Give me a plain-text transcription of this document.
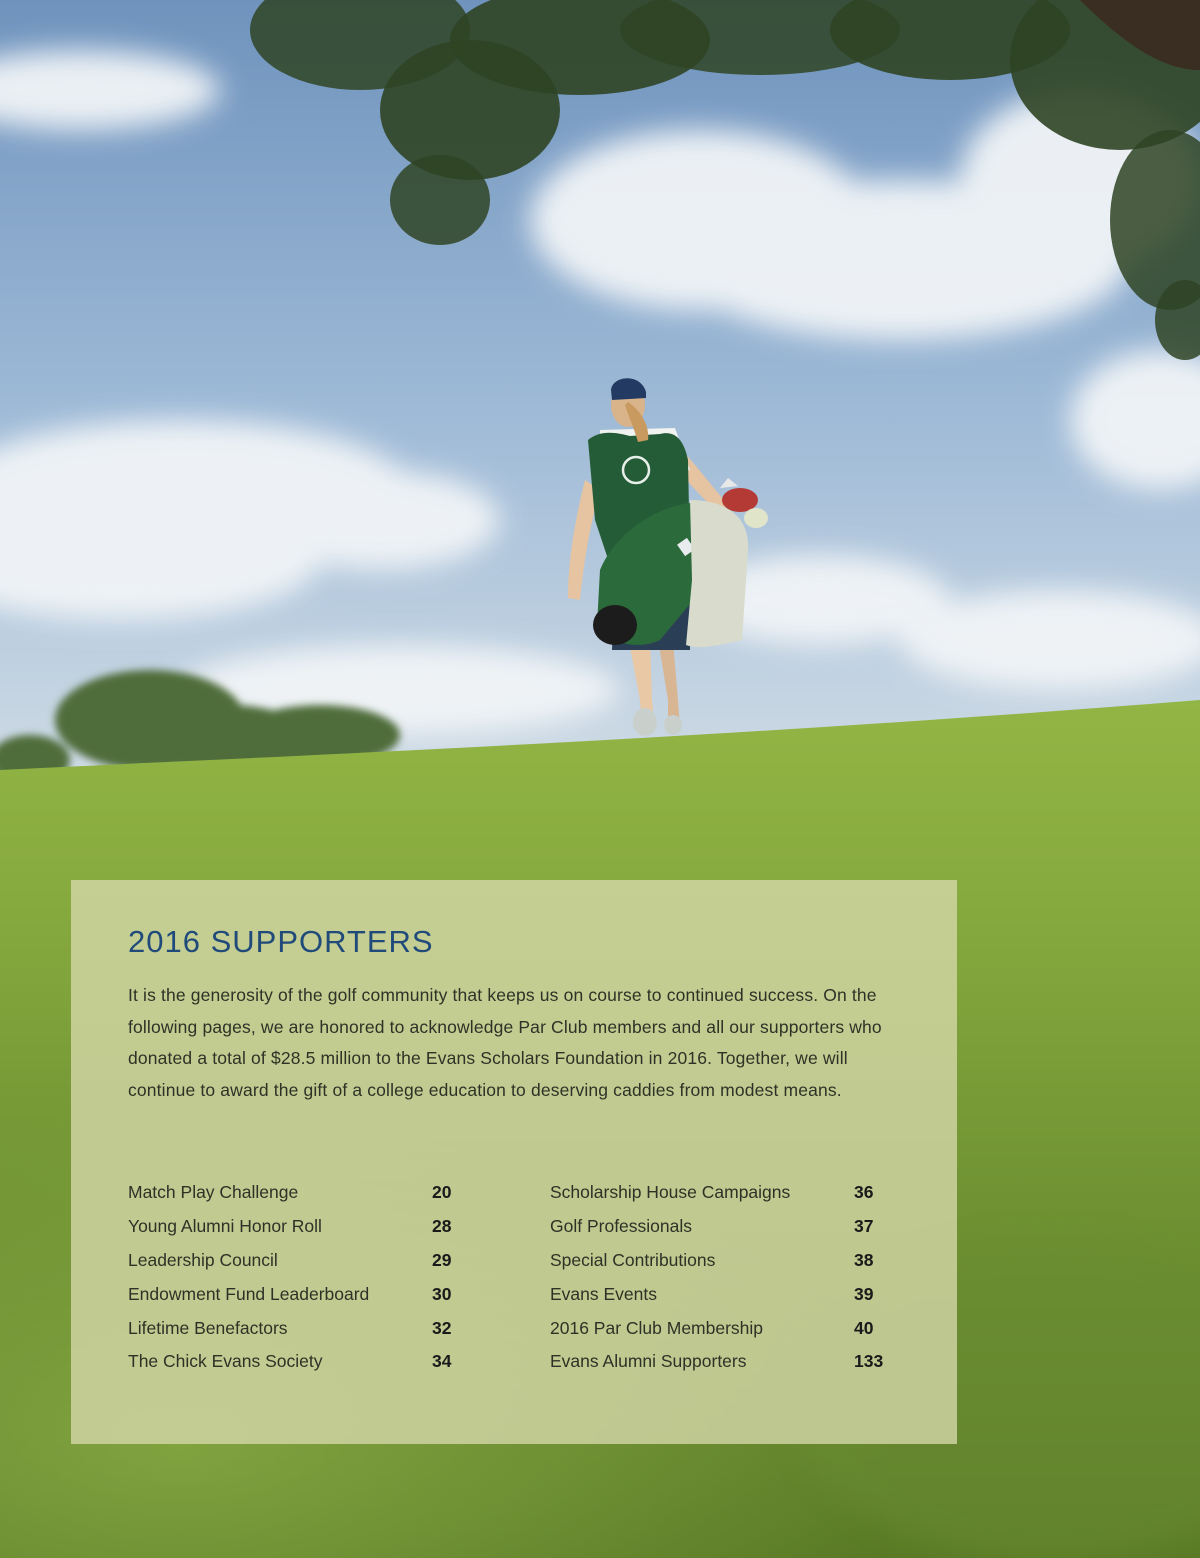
2016 SUPPORTERS

It is the generosity of the golf community that keeps us on course to continued success. On the following pages, we are honored to acknowledge Par Club members and all our supporters who donated a total of $28.5 million to the Evans Scholars Foundation in 2016. Together, we will continue to award the gift of a college education to deserving caddies from modest means.

Match Play Challenge	20
Young Alumni Honor Roll	28
Leadership Council	29
Endowment Fund Leaderboard	30
Lifetime Benefactors	32
The Chick Evans Society	34
Scholarship House Campaigns	36
Golf Professionals	37
Special Contributions	38
Evans Events	39
2016 Par Club Membership	40
Evans Alumni Supporters	133
